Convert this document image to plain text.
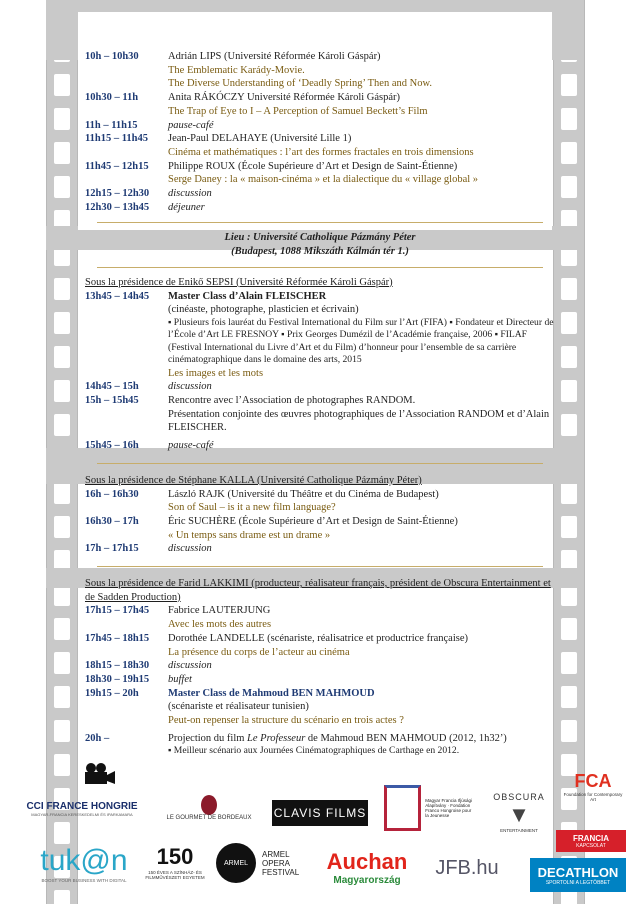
10h – 10h30	Adrián LIPS (Université Réformée Károli Gáspár)
The Emblematic Karády-Movie.
The Diverse Understanding of ‘Deadly Spring’ Then and Now.
10h30 – 11h	Anita RÁKÓCZY Université Réformée Károli Gáspár)
The Trap of Eye to I – A Perception of Samuel Beckett’s Film
11h – 11h15	pause-café
11h15 – 11h45	Jean-Paul DELAHAYE (Université Lille 1)
Cinéma et mathématiques : l’art des formes fractales en trois dimensions
11h45 – 12h15	Philippe ROUX (École Supérieure d’Art et Design de Saint-Étienne)
Serge Daney : la « maison-cinéma » et la dialectique du « village global »
12h15 – 12h30	discussion
12h30 – 13h45	déjeuner
Lieu : Université Catholique Pázmány Péter
(Budapest, 1088 Mikszáth Kálmán tér 1.)
Sous la présidence de Enikő SEPSI (Université Réformée Károli Gáspár)
13h45 – 14h45	Master Class d’Alain FLEISCHER
(cinéaste, photographe, plasticien et écrivain)
▪ Plusieurs fois lauréat du Festival International du Film sur l’Art (FIFA) ▪ Fondateur et Directeur de l’École d’Art LE FRESNOY ▪ Prix Georges Dumézil de l’Académie française, 2006 ▪ FILAF (Festival International du Livre d’Art et du Film) d’honneur pour l’ensemble de sa carrière cinématographique dans le domaine des arts, 2015
Les images et les mots
14h45 – 15h	discussion
15h – 15h45	Rencontre avec l’Association de photographes RANDOM.
Présentation conjointe des œuvres photographiques de l’Association RANDOM et d’Alain FLEISCHER.
15h45 – 16h	pause-café
Sous la présidence de Stéphane KALLA (Université Catholique Pázmány Péter)
16h – 16h30	László RAJK (Université du Théâtre et du Cinéma de Budapest)
Son of Saul – is it a new film language?
16h30 – 17h	Éric SUCHÈRE (École Supérieure d’Art et Design de Saint-Étienne)
« Un temps sans drame est un drame »
17h – 17h15	discussion
Sous la présidence de Farid LAKKIMI (producteur, réalisateur français, président de Obscura Entertainment et de Sadden Production)
17h15 – 17h45	Fabrice LAUTERJUNG
Avec les mots des autres
17h45 – 18h15	Dorothée LANDELLE (scénariste, réalisatrice et productrice française)
La présence du corps de l’acteur au cinéma
18h15 – 18h30	discussion
18h30 – 19h15	buffet
19h15 – 20h	Master Class de Mahmoud BEN MAHMOUD
(scénariste et réalisateur tunisien)
Peut-on repenser la structure du scénario en trois actes ?
20h –	Projection du film Le Professeur de Mahmoud BEN MAHMOUD (2012, 1h32’)
▪ Meilleur scénario aux Journées Cinématographiques de Carthage en 2012.
CCI FRANCE HONGRIE
MAGYAR-FRANCIA KERESKEDELMI ÉS IPARKAMARA
LE GOURMET DE BORDEAUX CLAVIS FILMS
Magyar Francia Ifjúsági Alapítvány · Fondation Franco Hongroise pour la Jeunesse
OBSCURA
▼
ENTERTAINMENT
FCA
Foundation for Contemporary Art
FRANCIA
KAPCSOLAT
tuk@n
BOOST YOUR BUSINESS WITH DIGITAL
150
150 ÉVES A SZÍNHÁZ- ÉS FILMMŰVÉSZETI EGYETEM
ARMEL
ARMEL OPERA FESTIVAL	Auchan
Magyarország
JFB.hu	DECATHLON
SPORTOLNI A LEGTÖBBET
